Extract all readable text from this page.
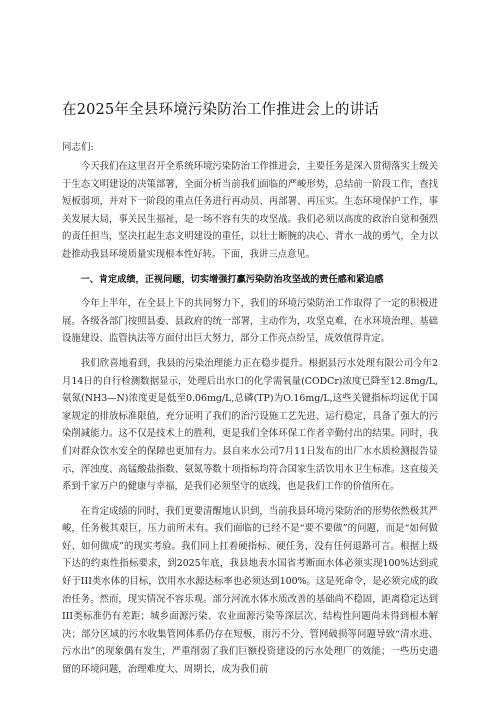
在2025年全县环境污染防治工作推进会上的讲话
同志们:

今天我们在这里召开全系统环境污染防治工作推进会，主要任务是深入贯彻落实上级关于生态文明建设的决策部署，全面分析当前我们面临的严峻形势，总结前一阶段工作，查找短板弱项，并对下一阶段的重点任务进行再动员、再部署、再压实。生态环境保护工作，事关发展大局，事关民生福祉，是一场不容有失的攻坚战。我们必须以高度的政治自觉和强烈的责任担当，坚决扛起生态文明建设的重任，以壮士断腕的决心、背水一战的勇气，全力以赴推动我县环境质量实现根本性好转。下面，我讲三点意见。

一、肯定成绩，正视问题，切实增强打赢污染防治攻坚战的责任感和紧迫感

今年上半年，在全县上下的共同努力下，我们的环境污染防治工作取得了一定的积极进展。各级各部门按照县委、县政府的统一部署，主动作为，攻坚克难，在水环境治理、基础设施建设、监管执法等方面付出巨大努力，部分工作亮点纷呈，成效值得肯定。

我们欣喜地看到，我县的污染治理能力正在稳步提升。根据县污水处理有限公司今年2月14日的自行检测数据显示，处理后出水口的化学需氧量(CODCr)浓度已降至12.8mg/L,氨氮(NH3—N)浓度更是低至0.06mg/L,总磷(TP)为O.16mg/L,这些关键指标均远优于国家规定的排放标准限值，充分证明了我们的治污设施工艺先进、运行稳定，具备了强大的污染削减能力。这不仅是技术上的胜利，更是我们全体环保工作者辛勤付出的结果。同时，我们对群众饮水安全的保障也更加有力。县自来水公司7月11日发布的出厂水水质检测报告显示，浑浊度、高锰酸盐指数、氨氮等数十项指标均符合国家生活饮用水卫生标准。这直接关系到千家万户的健康与幸福，是我们必须坚守的底线，也是我们工作的价值所在。

在肯定成绩的同时，我们更要清醒地认识到，当前我县环境污染防治的形势依然极其严峻，任务极其艰巨，压力前所未有。我们面临的已经不是“要不要做”的问题，而是“如何做好、如何做成”的现实考验。我们同上扛着硬指标、硬任务，没有任何退路可言。根据上级下达的约束性指标要求，到2025年底，我县地表水国省考断面水体必须实现100%达到或好于III类水体的目标，饮用水水源达标率也必须达到100%。这是死命令，是必须完成的政治任务。然而，现实情况不容乐观。部分河流水体水质改善的基础尚不稳固，距离稳定达到III类标准仍有差距；城乡面源污染、农业面源污染等深层次、结构性问题尚未得到根本解决；部分区域的污水收集管网体系仍存在短板，雨污不分、管网破损等问题导致“清水进、污水出”的现象偶有发生，严重削弱了我们巨额投资建设的污水处理厂的效能；一些历史遗留的环境问题，治理难度大、周期长，成为我们前
